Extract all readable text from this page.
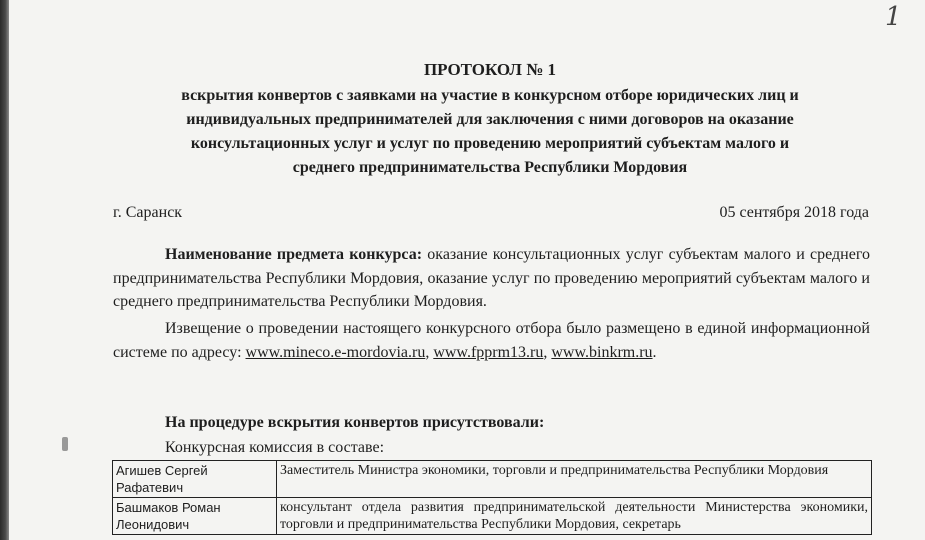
1
ПРОТОКОЛ № 1
вскрытия конвертов с заявками на участие в конкурсном отборе юридических лиц и
индивидуальных предпринимателей для заключения с ними договоров на оказание
консультационных услуг и услуг по проведению мероприятий субъектам малого и
среднего предпринимательства Республики Мордовия
г. Саранск	05 сентября 2018 года
Наименование предмета конкурса: оказание консультационных услуг субъектам малого и среднего предпринимательства Республики Мордовия, оказание услуг по проведению мероприятий субъектам малого и среднего предпринимательства Республики Мордовия.
Извещение о проведении настоящего конкурсного отбора было размещено в единой информационной системе по адресу: www.mineco.e-mordovia.ru, www.fpprm13.ru, www.binkrm.ru.
На процедуре вскрытия конвертов присутствовали:
Конкурсная комиссия в составе:
Агишев Сергей Рафатевич	Заместитель Министра экономики, торговли и предпринимательства Республики Мордовия
Башмаков Роман Леонидович	консультант отдела развития предпринимательской деятельности Министерства экономики, торговли и предпринимательства Республики Мордовия, секретарь
